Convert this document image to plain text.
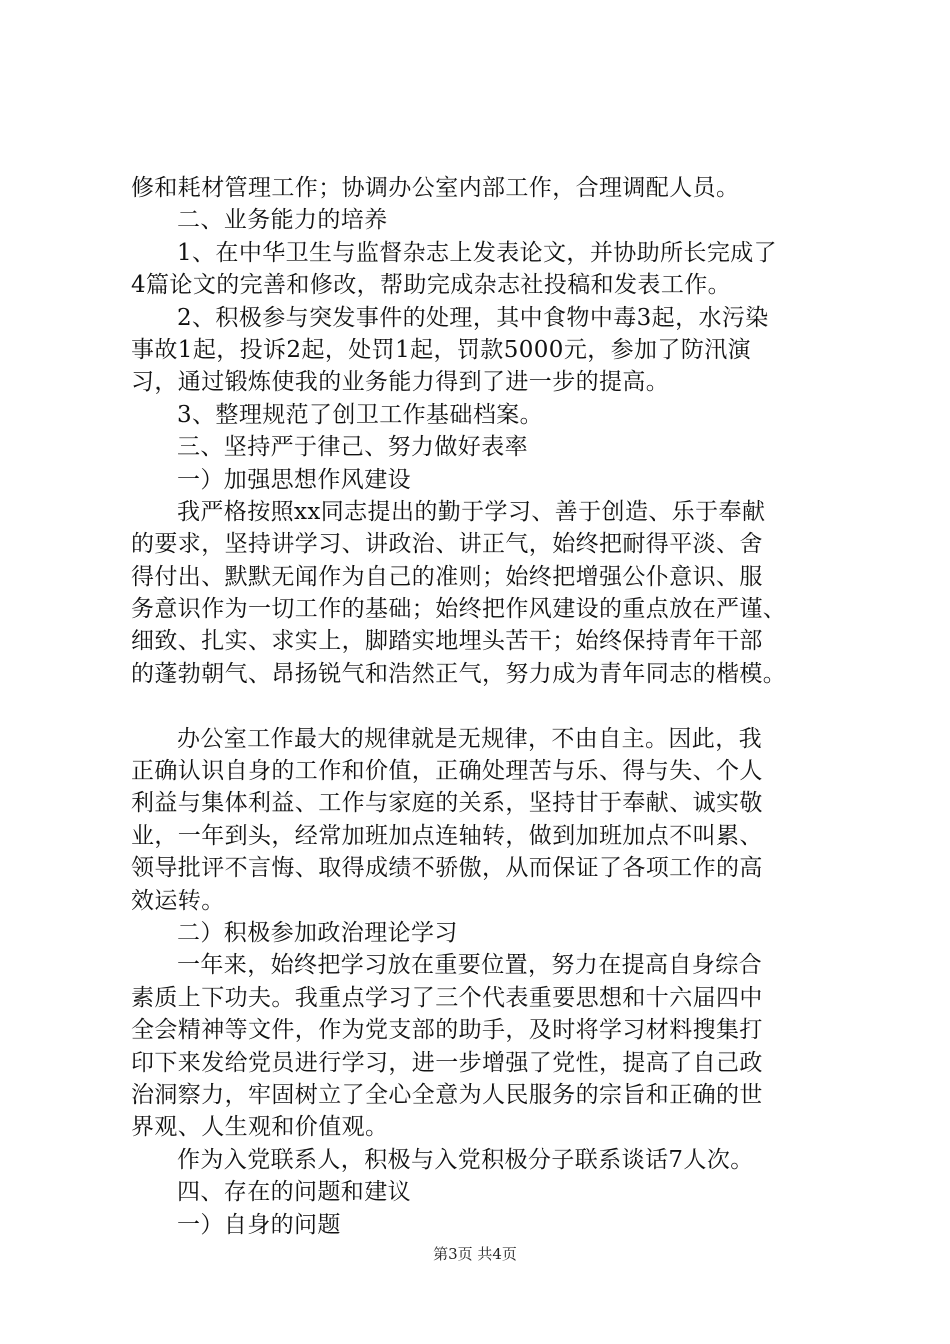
修和耗材管理工作；协调办公室内部工作，合理调配人员。
二、业务能力的培养
1、在中华卫生与监督杂志上发表论文，并协助所长完成了
4篇论文的完善和修改，帮助完成杂志社投稿和发表工作。
2、积极参与突发事件的处理，其中食物中毒3起，水污染
事故1起，投诉2起，处罚1起，罚款5000元，参加了防汛演
习，通过锻炼使我的业务能力得到了进一步的提高。
3、整理规范了创卫工作基础档案。
三、坚持严于律己、努力做好表率
一）加强思想作风建设
我严格按照xx同志提出的勤于学习、善于创造、乐于奉献
的要求，坚持讲学习、讲政治、讲正气，始终把耐得平淡、舍
得付出、默默无闻作为自己的准则；始终把增强公仆意识、服
务意识作为一切工作的基础；始终把作风建设的重点放在严谨、
细致、扎实、求实上，脚踏实地埋头苦干；始终保持青年干部
的蓬勃朝气、昂扬锐气和浩然正气，努力成为青年同志的楷模。
办公室工作最大的规律就是无规律，不由自主。因此，我
正确认识自身的工作和价值，正确处理苦与乐、得与失、个人
利益与集体利益、工作与家庭的关系，坚持甘于奉献、诚实敬
业，一年到头，经常加班加点连轴转，做到加班加点不叫累、
领导批评不言悔、取得成绩不骄傲，从而保证了各项工作的高
效运转。
二）积极参加政治理论学习
一年来，始终把学习放在重要位置，努力在提高自身综合
素质上下功夫。我重点学习了三个代表重要思想和十六届四中
全会精神等文件，作为党支部的助手，及时将学习材料搜集打
印下来发给党员进行学习，进一步增强了党性，提高了自己政
治洞察力，牢固树立了全心全意为人民服务的宗旨和正确的世
界观、人生观和价值观。
作为入党联系人，积极与入党积极分子联系谈话7人次。
四、存在的问题和建议
一）自身的问题
第3页 共4页
